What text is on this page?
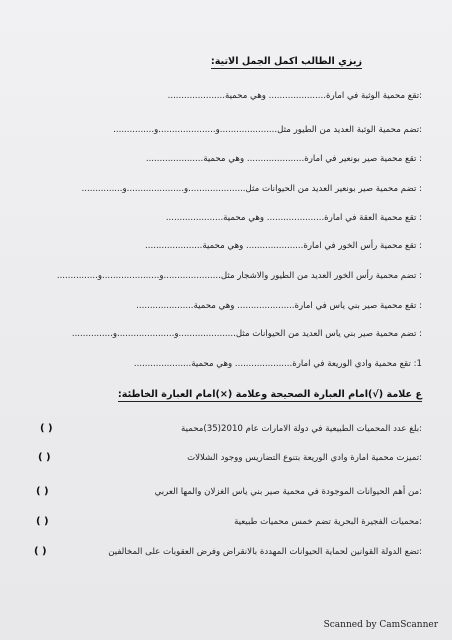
زيزي الطالب اكمل الجمل الاتية:
:تقع محمية الوثبة في امارة..................... وهي محمية.....................
:تضم محمية الوثبة العديد من الطيور مثل.....................و.....................و...............
: تقع محمية صير بونعير في امارة..................... وهي محمية.....................
: تضم محمية صير بونعير العديد من الحيوانات مثل.....................و.....................و...............
: تقع محمية العقة في امارة..................... وهي محمية.....................
: تقع محمية رأس الخور في امارة..................... وهي محمية.....................
: تضم محمية رأس الخور العديد من الطيور والاشجار مثل.....................و.....................و...............
: تقع محمية صير بني ياس في امارة..................... وهي محمية.....................
: تضم محمية صير بني ياس العديد من الحيوانات مثل.....................و.....................و...............
1: تقع محمية وادي الوريعة في امارة..................... وهي محمية.....................
ع علامة (√)امام العبارة الصحيحة وعلامة (×)امام العبارة الخاطئة:
:بلغ عدد المحميات الطبيعية في دولة الامارات عام 2010(35)محمية
( )
:تميزت محمية امارة وادي الوريعة بتنوع التضاريس ووجود الشلالات
( )
:من أهم الحيوانات الموجودة في محمية صير بني ياس الغزلان والمها العربي
( )
:محميات الفجيرة البحرية تضم خمس محميات طبيعية
( )
:تضع الدولة القوانين لحماية الحيوانات المهددة بالانقراض وفرض العقوبات على المخالفين
( )
Scanned by CamScanner
